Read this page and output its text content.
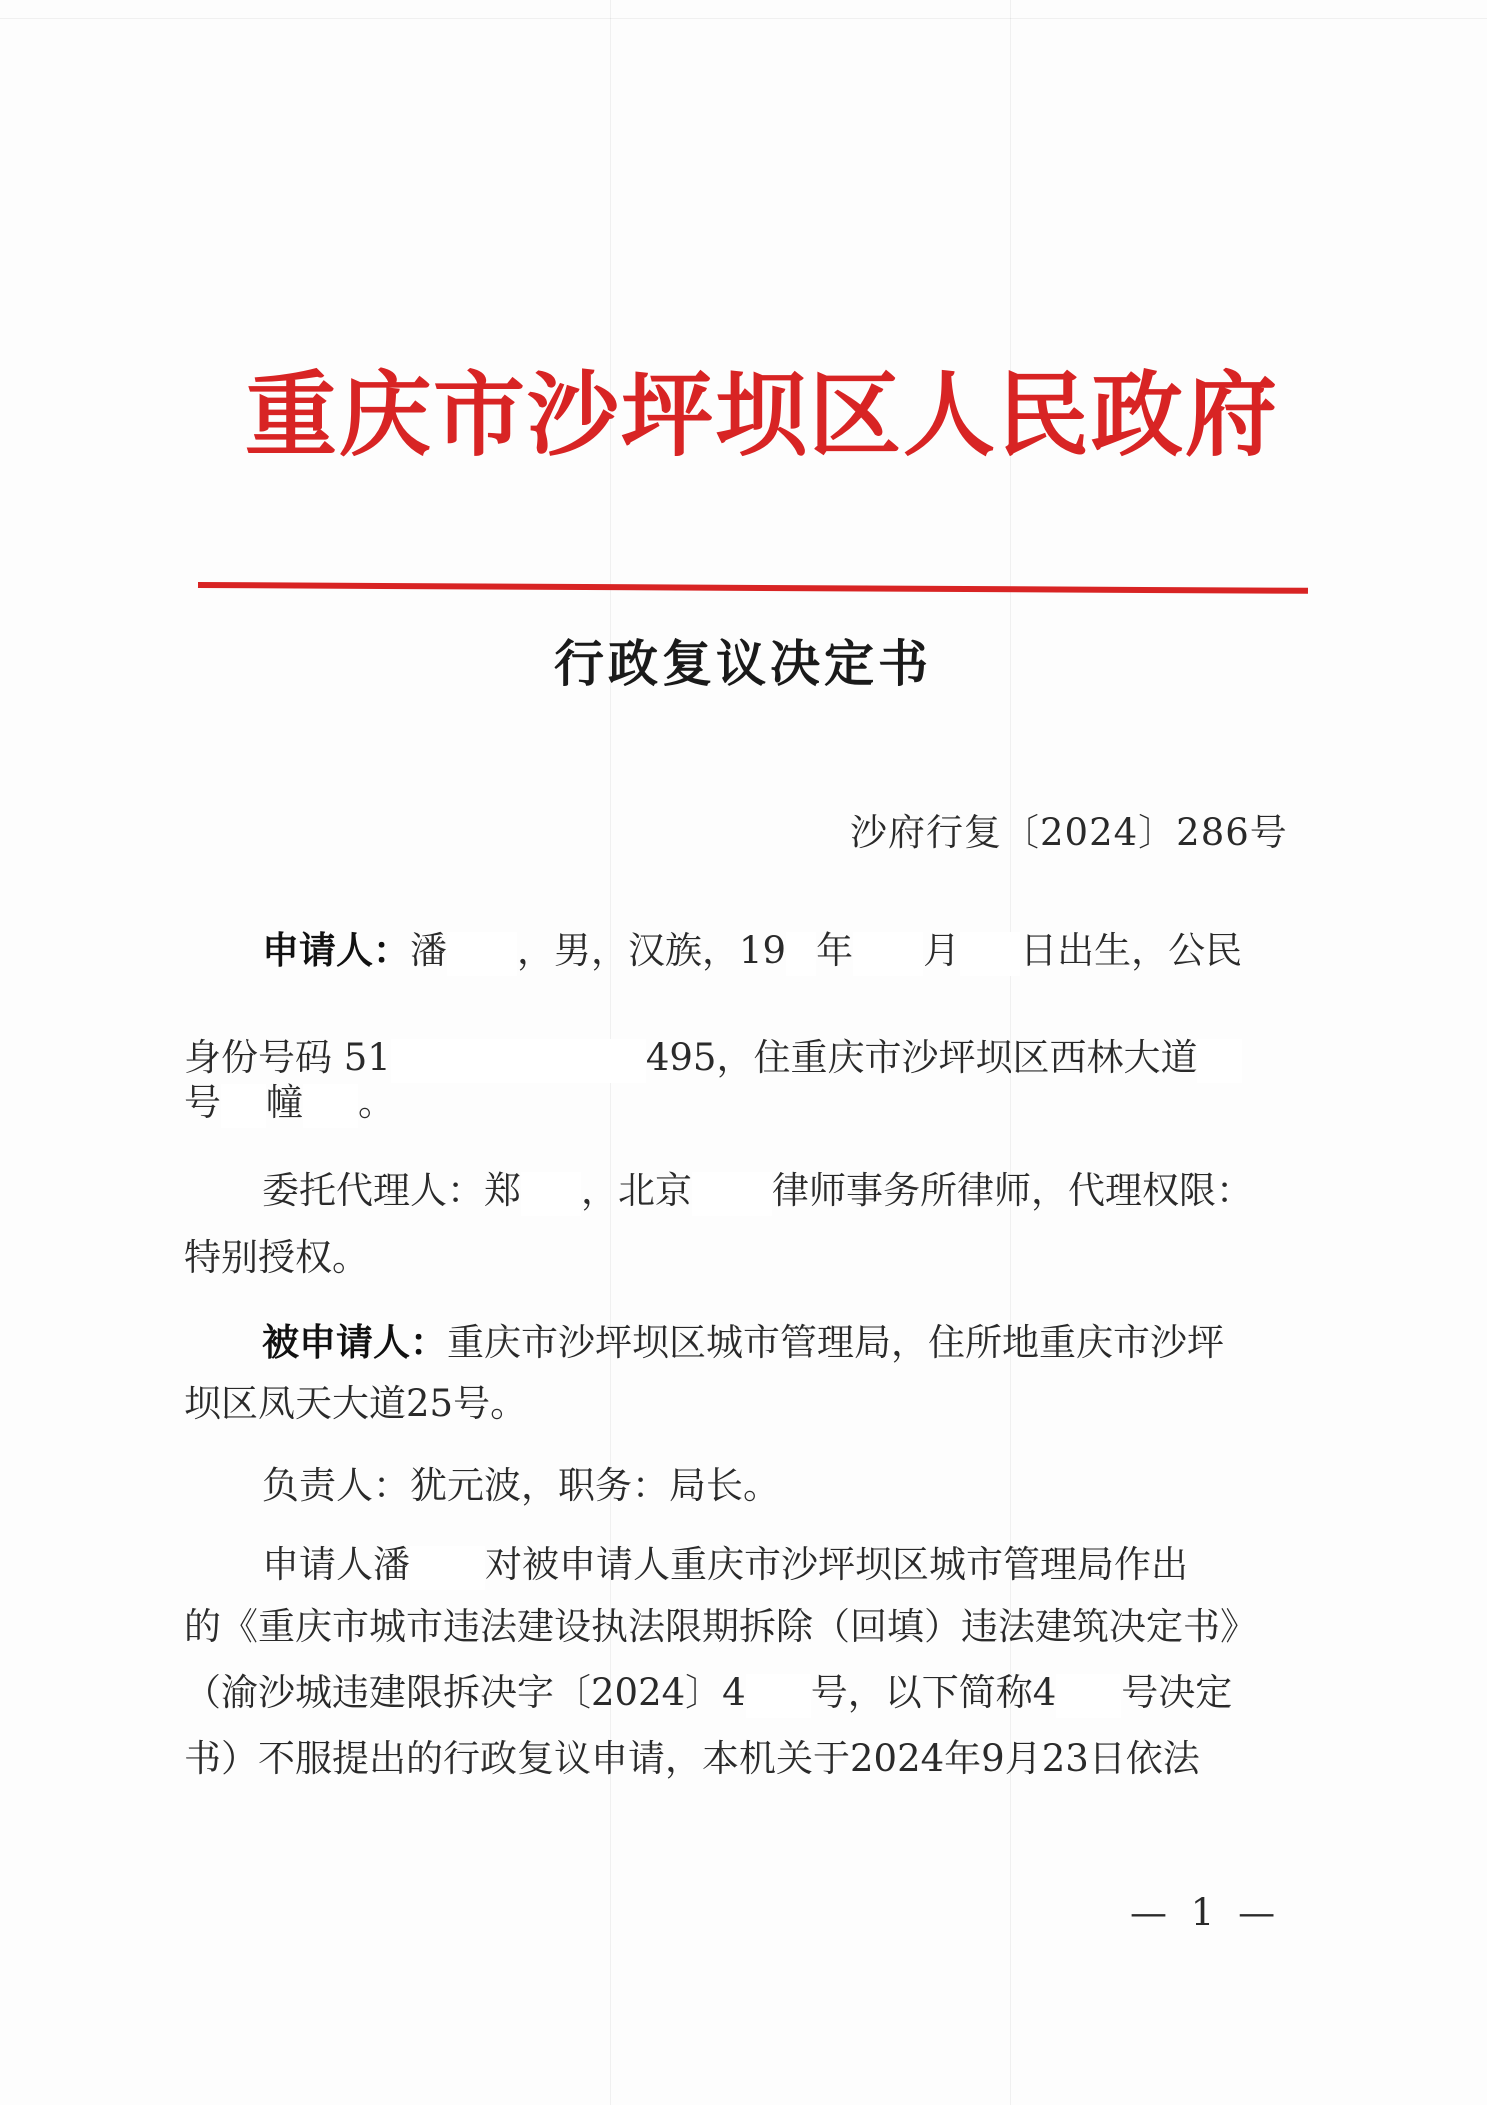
重庆市沙坪坝区人民政府
行政复议决定书
沙府行复〔2024〕286号
申请人：潘 ，男，汉族，19 年 月 日出生，公民
身份号码 51	495，住重庆市沙坪坝区西林大道
号 幢 。
委托代理人：郑 ，北京 律师事务所律师，代理权限：
特别授权。
被申请人：重庆市沙坪坝区城市管理局，住所地重庆市沙坪
坝区凤天大道25号。
负责人：犹元波，职务：局长。
申请人潘 对被申请人重庆市沙坪坝区城市管理局作出
的《重庆市城市违法建设执法限期拆除（回填）违法建筑决定书》
（渝沙城违建限拆决字〔2024〕4 号，以下简称4 号决定
书）不服提出的行政复议申请，本机关于2024年9月23日依法
— 1 —
